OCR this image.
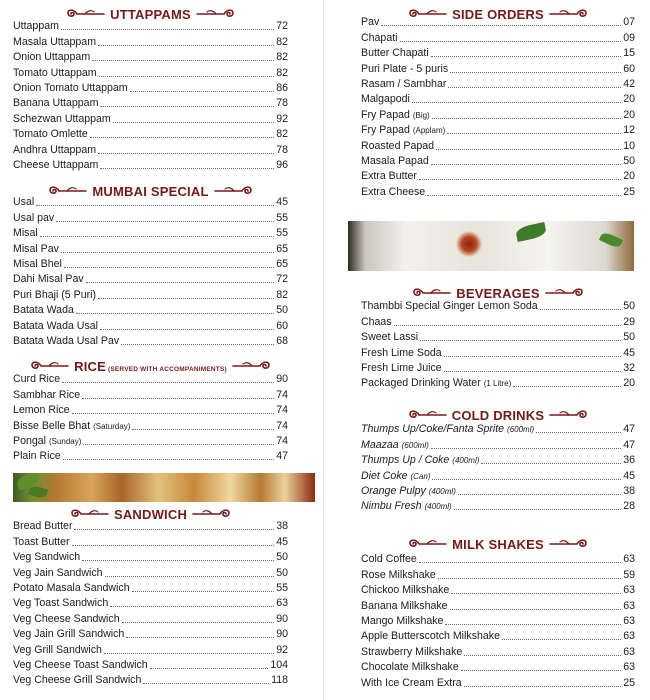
UTTAPPAMS
Uttappam	72
Masala Uttappam	82
Onion Uttappam	82
Tomato Uttappam	82
Onion Tomato Uttappam	86
Banana Uttappam	78
Schezwan Uttappam	92
Tomato Omlette	82
Andhra Uttappam	78
Cheese Uttappam	96
MUMBAI SPECIAL
Usal	45
Usal pav	55
Misal	55
Misal Pav	65
Misal Bhel	65
Dahi Misal Pav	72
Puri Bhaji (5 Puri)	82
Batata Wada	50
Batata Wada Usal	60
Batata Wada Usal Pav	68
RICE (SERVED WITH ACCOMPANIMENTS)
Curd Rice	90
Sambhar Rice	74
Lemon Rice	74
Bisse Belle Bhat (Saturday)	74
Pongal (Sunday)	74
Plain Rice	47
SANDWICH
Bread Butter	38
Toast Butter	45
Veg Sandwich	50
Veg Jain Sandwich	50
Potato Masala Sandwich	55
Veg Toast Sandwich	63
Veg Cheese Sandwich	90
Veg Jain Grill Sandwich	90
Veg Grill Sandwich	92
Veg Cheese Toast Sandwich	104
Veg Cheese Grill Sandwich	118
SIDE ORDERS
Pav	07
Chapati	09
Butter Chapati	15
Puri Plate - 5 puris	60
Rasam / Sambhar	42
Malgapodi	20
Fry Papad (Big)	20
Fry Papad (Applam)	12
Roasted Papad	10
Masala Papad	50
Extra Butter	20
Extra Cheese	25
BEVERAGES
Thambbi Special Ginger Lemon Soda	50
Chaas	29
Sweet Lassi	50
Fresh Lime Soda	45
Fresh Lime Juice	32
Packaged Drinking Water (1 Litre)	20
COLD DRINKS
Thumps Up/Coke/Fanta Sprite (600ml)	47
Maazaa (600ml)	47
Thumps Up / Coke (400ml)	36
Diet Coke (Can)	45
Orange Pulpy (400ml)	38
Nimbu Fresh (400ml)	28
MILK SHAKES
Cold Coffee	63
Rose Milkshake	59
Chickoo Milkshake	63
Banana Milkshake	63
Mango Milkshake	63
Apple Butterscotch Milkshake	63
Strawberry Milkshake	63
Chocolate Milkshake	63
With Ice Cream Extra	25
